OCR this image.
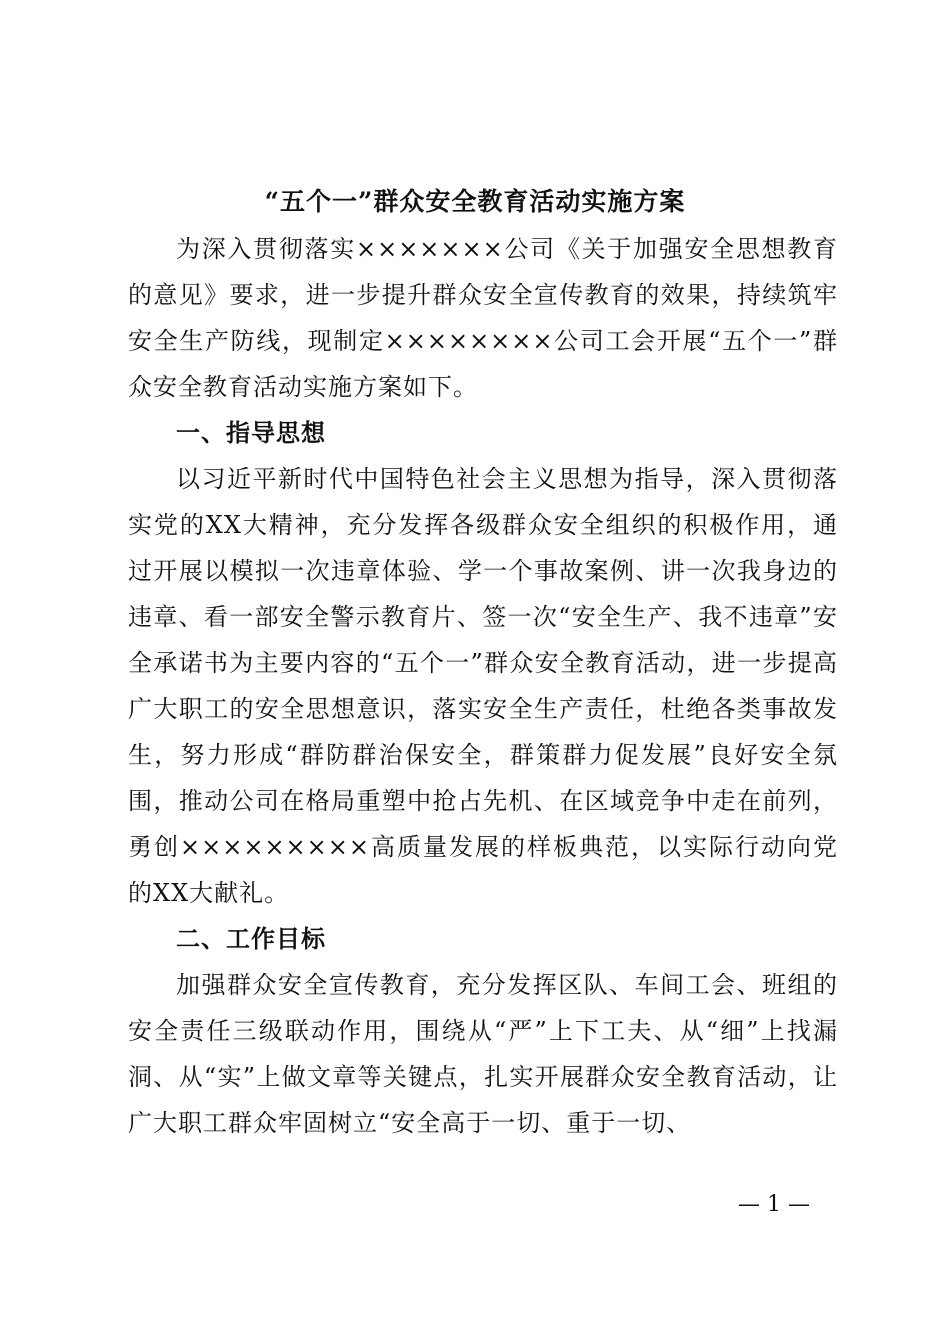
“五个一”群众安全教育活动实施方案

为深入贯彻落实×××××××公司《关于加强安全思想教育的意见》要求，进一步提升群众安全宣传教育的效果，持续筑牢安全生产防线，现制定××××××××公司工会开展“五个一”群众安全教育活动实施方案如下。

一、指导思想

以习近平新时代中国特色社会主义思想为指导，深入贯彻落实党的XX大精神，充分发挥各级群众安全组织的积极作用，通过开展以模拟一次违章体验、学一个事故案例、讲一次我身边的违章、看一部安全警示教育片、签一次“安全生产、我不违章”安全承诺书为主要内容的“五个一”群众安全教育活动，进一步提高广大职工的安全思想意识，落实安全生产责任，杜绝各类事故发生，努力形成“群防群治保安全，群策群力促发展”良好安全氛围，推动公司在格局重塑中抢占先机、在区域竞争中走在前列，勇创×××××××××高质量发展的样板典范，以实际行动向党的XX大献礼。

二、工作目标

加强群众安全宣传教育，充分发挥区队、车间工会、班组的安全责任三级联动作用，围绕从“严”上下工夫、从“细”上找漏洞、从“实”上做文章等关键点，扎实开展群众安全教育活动，让广大职工群众牢固树立“安全高于一切、重于一切、

— 1 —
